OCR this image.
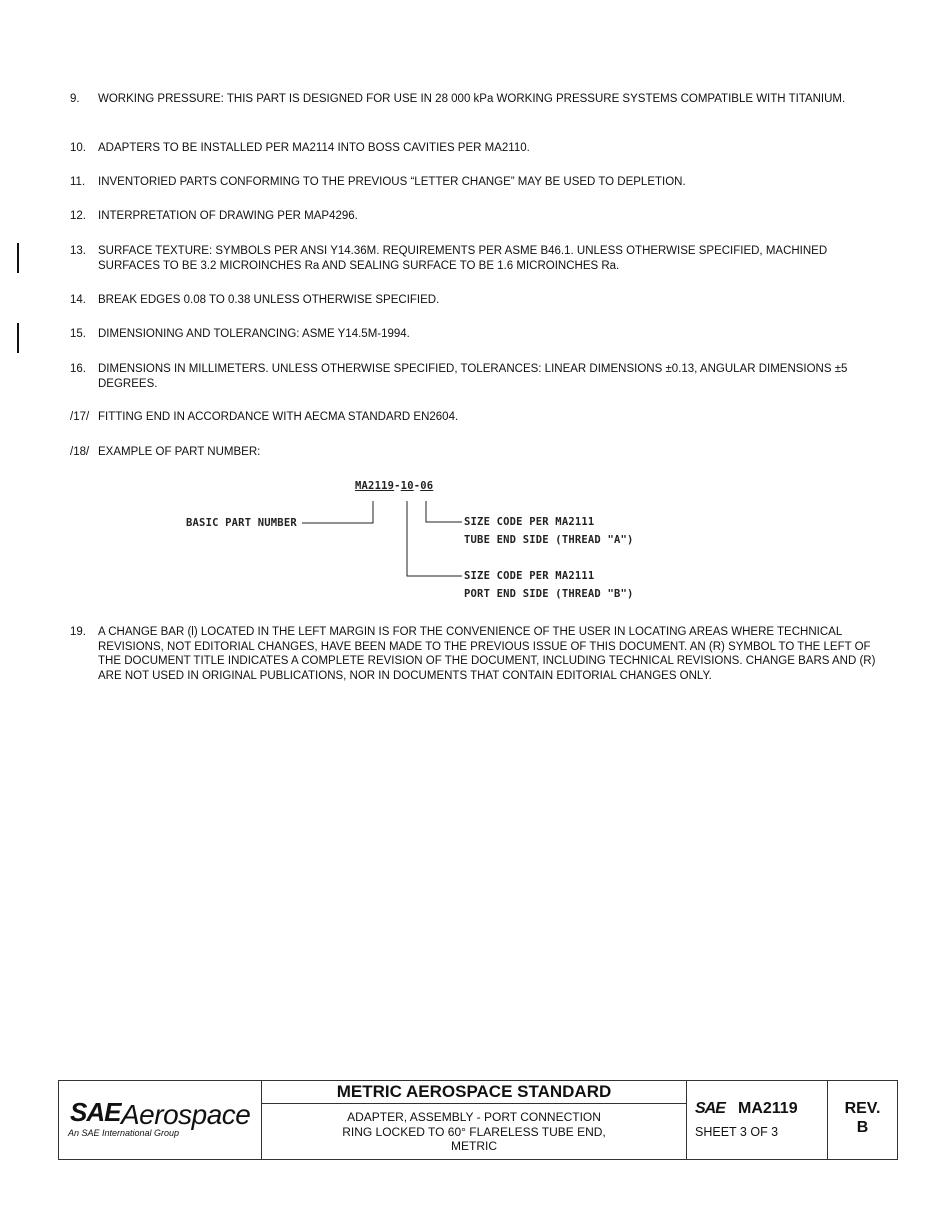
9. WORKING PRESSURE: THIS PART IS DESIGNED FOR USE IN 28 000 kPa WORKING PRESSURE SYSTEMS COMPATIBLE WITH TITANIUM.
10. ADAPTERS TO BE INSTALLED PER MA2114 INTO BOSS CAVITIES PER MA2110.
11. INVENTORIED PARTS CONFORMING TO THE PREVIOUS “LETTER CHANGE” MAY BE USED TO DEPLETION.
12. INTERPRETATION OF DRAWING PER MAP4296.
13. SURFACE TEXTURE: SYMBOLS PER ANSI Y14.36M. REQUIREMENTS PER ASME B46.1. UNLESS OTHERWISE SPECIFIED, MACHINED SURFACES TO BE 3.2 MICROINCHES Ra AND SEALING SURFACE TO BE 1.6 MICROINCHES Ra.
14. BREAK EDGES 0.08 TO 0.38 UNLESS OTHERWISE SPECIFIED.
15. DIMENSIONING AND TOLERANCING: ASME Y14.5M-1994.
16. DIMENSIONS IN MILLIMETERS. UNLESS OTHERWISE SPECIFIED, TOLERANCES: LINEAR DIMENSIONS ±0.13, ANGULAR DIMENSIONS ±5 DEGREES.
/17/ FITTING END IN ACCORDANCE WITH AECMA STANDARD EN2604.
/18/ EXAMPLE OF PART NUMBER:
MA2119-10-06
BASIC PART NUMBER	SIZE CODE PER MA2111
TUBE END SIDE (THREAD "A")
SIZE CODE PER MA2111
PORT END SIDE (THREAD "B")
19. A CHANGE BAR (l) LOCATED IN THE LEFT MARGIN IS FOR THE CONVENIENCE OF THE USER IN LOCATING AREAS WHERE TECHNICAL REVISIONS, NOT EDITORIAL CHANGES, HAVE BEEN MADE TO THE PREVIOUS ISSUE OF THIS DOCUMENT. AN (R) SYMBOL TO THE LEFT OF THE DOCUMENT TITLE INDICATES A COMPLETE REVISION OF THE DOCUMENT, INCLUDING TECHNICAL REVISIONS. CHANGE BARS AND (R) ARE NOT USED IN ORIGINAL PUBLICATIONS, NOR IN DOCUMENTS THAT CONTAIN EDITORIAL CHANGES ONLY.
SAE Aerospace
An SAE International Group
METRIC AEROSPACE STANDARD
ADAPTER, ASSEMBLY - PORT CONNECTION
RING LOCKED TO 60° FLARELESS TUBE END,
METRIC
SAE MA2119
SHEET 3 OF 3
REV.
B
